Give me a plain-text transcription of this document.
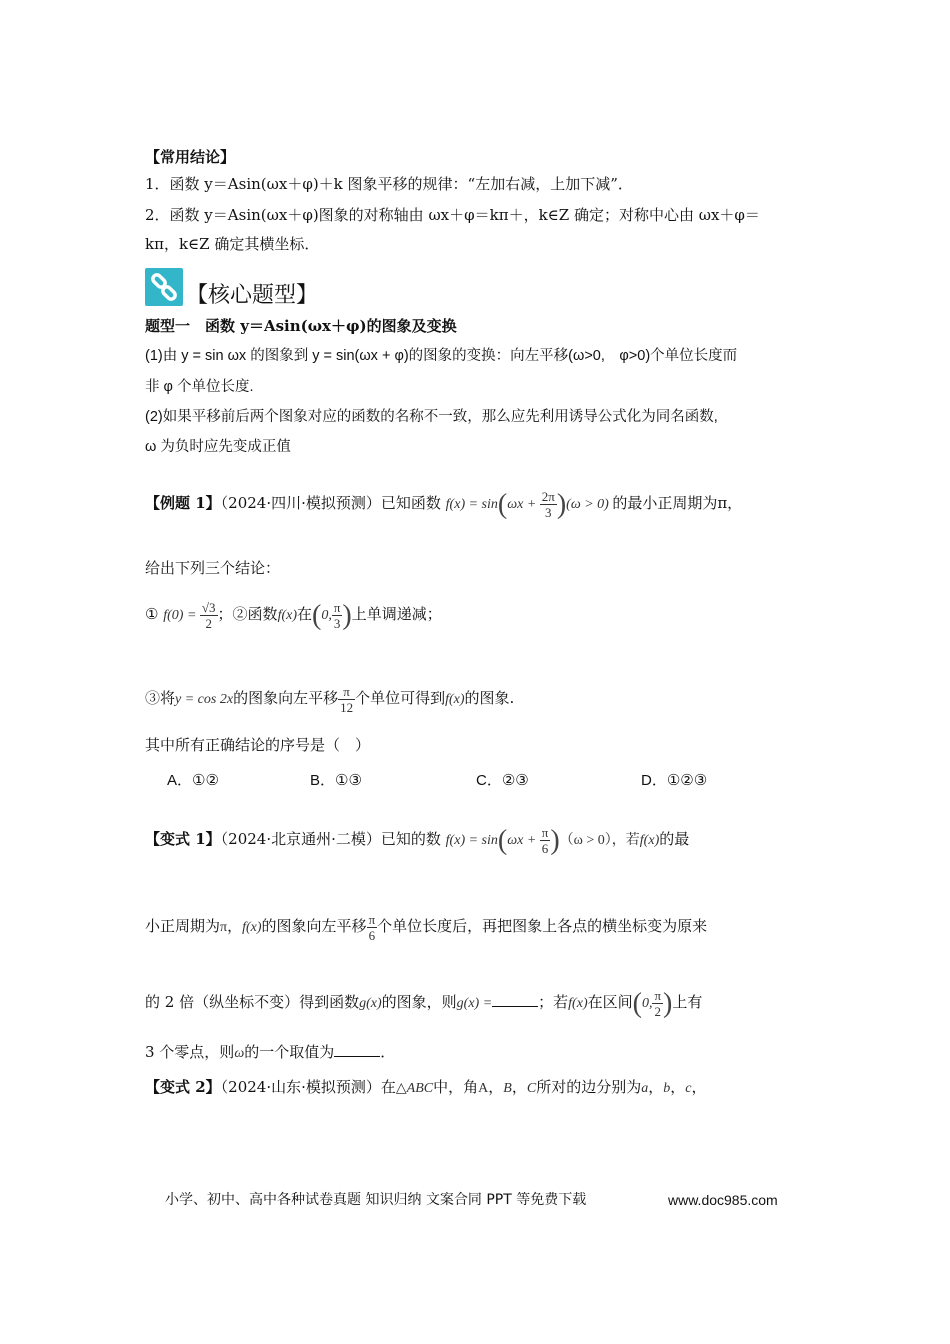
【常用结论】
1．函数 y＝Asin(ωx＋φ)＋k 图象平移的规律：“左加右减，上加下减”．
2．函数 y＝Asin(ωx＋φ)图象的对称轴由 ωx＋φ＝kπ＋，k∈Z 确定；对称中心由 ωx＋φ＝
kπ，k∈Z 确定其横坐标．
【核心题型】
题型一　函数 y＝Asin(ωx＋φ)的图象及变换
(1)由 y = sin ωx 的图象到 y = sin(ωx + φ)的图象的变换：向左平移(ω>0,　φ>0)个单位长度而
非 φ 个单位长度.
(2)如果平移前后两个图象对应的函数的名称不一致，那么应先利用诱导公式化为同名函数,
ω 为负时应先变成正值
【例题 1】（2024·四川·模拟预测）已知函数 $f(x) = \sin(\omega x + \frac{2\pi}{3} )(\omega > 0)$ 的最小正周期为π，
给出下列三个结论：
① $f(0) = \frac{√3}{2}$ ；②函数f(x)在(0, $\frac{\pi}{3}$ )上单调递减；
③将y = cos 2x的图象向左平移 $\frac{\pi}{12}$ 个单位可得到f(x)的图象.
其中所有正确结论的序号是（　）
A．①②	B．①③	C．②③	D．①②③
【变式 1】（2024·北京通州·二模）已知的数 $f(x) = \sin(\omega x + \frac{\pi}{6} )(\omega > 0)$，若f(x)的最
小正周期为π，f(x)的图象向左平移 $\frac{\pi}{6}$ 个单位长度后，再把图象上各点的横坐标变为原来
的 2 倍（纵坐标不变）得到函数g(x)的图象，则g(x) =	；若f(x)在区间(0, $\frac{\pi}{2}$ )上有
3 个零点，则ω的一个取值为	．
【变式 2】（2024·山东·模拟预测）在△ABC中，角A，B，C所对的边分别为a，b，c，
小学、初中、高中各种试卷真题 知识归纳 文案合同 PPT 等免费下载	www.doc985.com
